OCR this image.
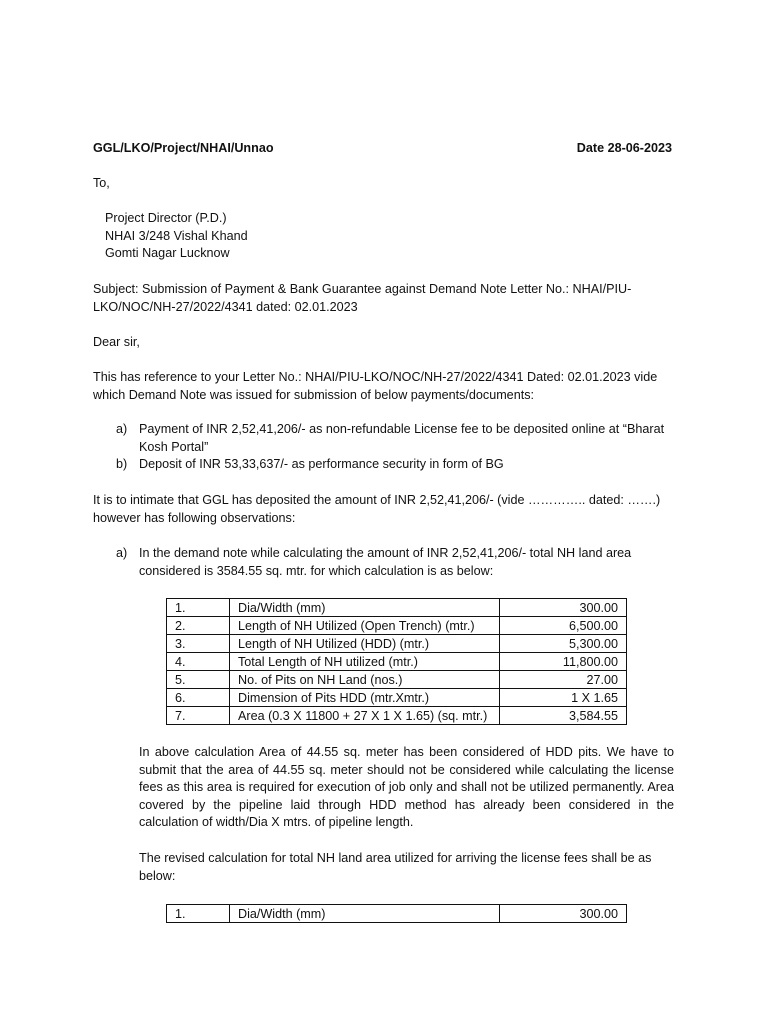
GGL/LKO/Project/NHAI/Unnao	Date 28-06-2023
To,
Project Director (P.D.)
NHAI 3/248 Vishal Khand
Gomti Nagar Lucknow
Subject: Submission of Payment & Bank Guarantee against Demand Note Letter No.: NHAI/PIU-LKO/NOC/NH-27/2022/4341 dated: 02.01.2023
Dear sir,
This has reference to your Letter No.: NHAI/PIU-LKO/NOC/NH-27/2022/4341 Dated: 02.01.2023 vide which Demand Note was issued for submission of below payments/documents:
a) Payment of INR 2,52,41,206/- as non-refundable License fee to be deposited online at “Bharat Kosh Portal”
b) Deposit of INR 53,33,637/- as performance security in form of BG
It is to intimate that GGL has deposited the amount of INR 2,52,41,206/- (vide ………….. dated: …….) however has following observations:
a) In the demand note while calculating the amount of INR 2,52,41,206/- total NH land area considered is 3584.55 sq. mtr. for which calculation is as below:
1.	Dia/Width (mm)	300.00
2.	Length of NH Utilized (Open Trench) (mtr.)	6,500.00
3.	Length of NH Utilized (HDD) (mtr.)	5,300.00
4.	Total Length of NH utilized (mtr.)	11,800.00
5.	No. of Pits on NH Land (nos.)	27.00
6.	Dimension of Pits HDD (mtr.Xmtr.)	1 X 1.65
7.	Area (0.3 X 11800 + 27 X 1 X 1.65) (sq. mtr.)	3,584.55
In above calculation Area of 44.55 sq. meter has been considered of HDD pits. We have to submit that the area of 44.55 sq. meter should not be considered while calculating the license fees as this area is required for execution of job only and shall not be utilized permanently. Area covered by the pipeline laid through HDD method has already been considered in the calculation of width/Dia X mtrs. of pipeline length.
The revised calculation for total NH land area utilized for arriving the license fees shall be as below:
1.	Dia/Width (mm)	300.00
